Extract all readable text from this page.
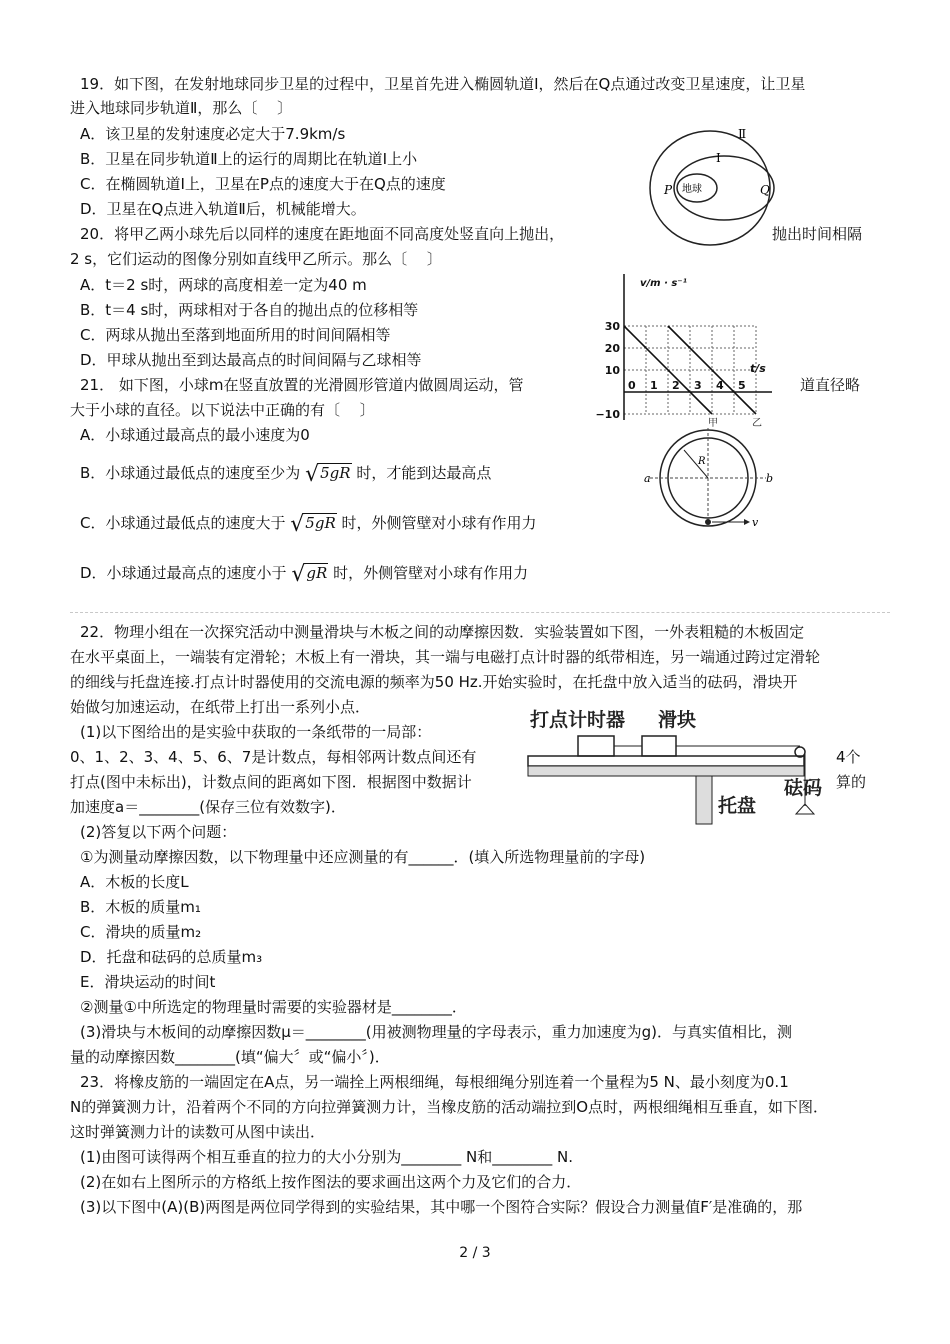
19．如下图，在发射地球同步卫星的过程中，卫星首先进入椭圆轨道Ⅰ，然后在Q点通过改变卫星速度，让卫星
进入地球同步轨道Ⅱ，那么〔　 〕
A．该卫星的发射速度必定大于7.9km/s
B．卫星在同步轨道Ⅱ上的运行的周期比在轨道Ⅰ上小
C．在椭圆轨道Ⅰ上，卫星在P点的速度大于在Q点的速度
D．卫星在Q点进入轨道Ⅱ后，机械能增大。
地球
P	Q
Ⅰ
Ⅱ
20．将甲乙两小球先后以同样的速度在距地面不同高度处竖直向上抛出，	抛出时间相隔
2 s，它们运动的图像分别如直线甲乙所示。那么〔　 〕
A．t＝2 s时，两球的高度相差一定为40 m
B．t＝4 s时，两球相对于各自的抛出点的位移相等
C．两球从抛出至落到地面所用的时间间隔相等
D．甲球从抛出至到达最高点的时间间隔与乙球相等
甲	乙
0 1 2 3 4 5
30
20
10
−10
v/m · s⁻¹
t/s
21． 如下图，小球m在竖直放置的光滑圆形管道内做圆周运动，管	道直径略
大于小球的直径。以下说法中正确的有〔　 〕
A．小球通过最高点的最小速度为0
B．小球通过最低点的速度至少为 √5gR 时，才能到达最高点
C．小球通过最低点的速度大于 √5gR 时，外侧管壁对小球有作用力
D．小球通过最高点的速度小于 √gR 时，外侧管壁对小球有作用力
a	b
R
v
22．物理小组在一次探究活动中测量滑块与木板之间的动摩擦因数．实验装置如下图，一外表粗糙的木板固定
在水平桌面上，一端装有定滑轮；木板上有一滑块，其一端与电磁打点计时器的纸带相连，另一端通过跨过定滑轮
的细线与托盘连接.打点计时器使用的交流电源的频率为50 Hz.开始实验时，在托盘中放入适当的砝码，滑块开
始做匀加速运动，在纸带上打出一系列小点．
(1)以下图给出的是实验中获取的一条纸带的一局部：
0、1、2、3、4、5、6、7是计数点，每相邻两计数点间还有	4个
打点(图中未标出)，计数点间的距离如下图．根据图中数据计	算的
加速度a＝________(保存三位有效数字)．
打点计时器 滑块
托盘
砝码
(2)答复以下两个问题：
①为测量动摩擦因数，以下物理量中还应测量的有______．(填入所选物理量前的字母)
A．木板的长度L
B．木板的质量m₁
C．滑块的质量m₂
D．托盘和砝码的总质量m₃
E．滑块运动的时间t
②测量①中所选定的物理量时需要的实验器材是________．
(3)滑块与木板间的动摩擦因数μ＝________(用被测物理量的字母表示，重力加速度为g)．与真实值相比，测
量的动摩擦因数________(填“偏大〞或“偏小〞)．
23．将橡皮筋的一端固定在A点，另一端拴上两根细绳，每根细绳分别连着一个量程为5 N、最小刻度为0.1
N的弹簧测力计，沿着两个不同的方向拉弹簧测力计，当橡皮筋的活动端拉到O点时，两根细绳相互垂直，如下图．
这时弹簧测力计的读数可从图中读出．
(1)由图可读得两个相互垂直的拉力的大小分别为________ N和________ N.
(2)在如右上图所示的方格纸上按作图法的要求画出这两个力及它们的合力．
(3)以下图中(A)(B)两图是两位同学得到的实验结果，其中哪一个图符合实际？假设合力测量值F′是准确的，那
2 / 3
